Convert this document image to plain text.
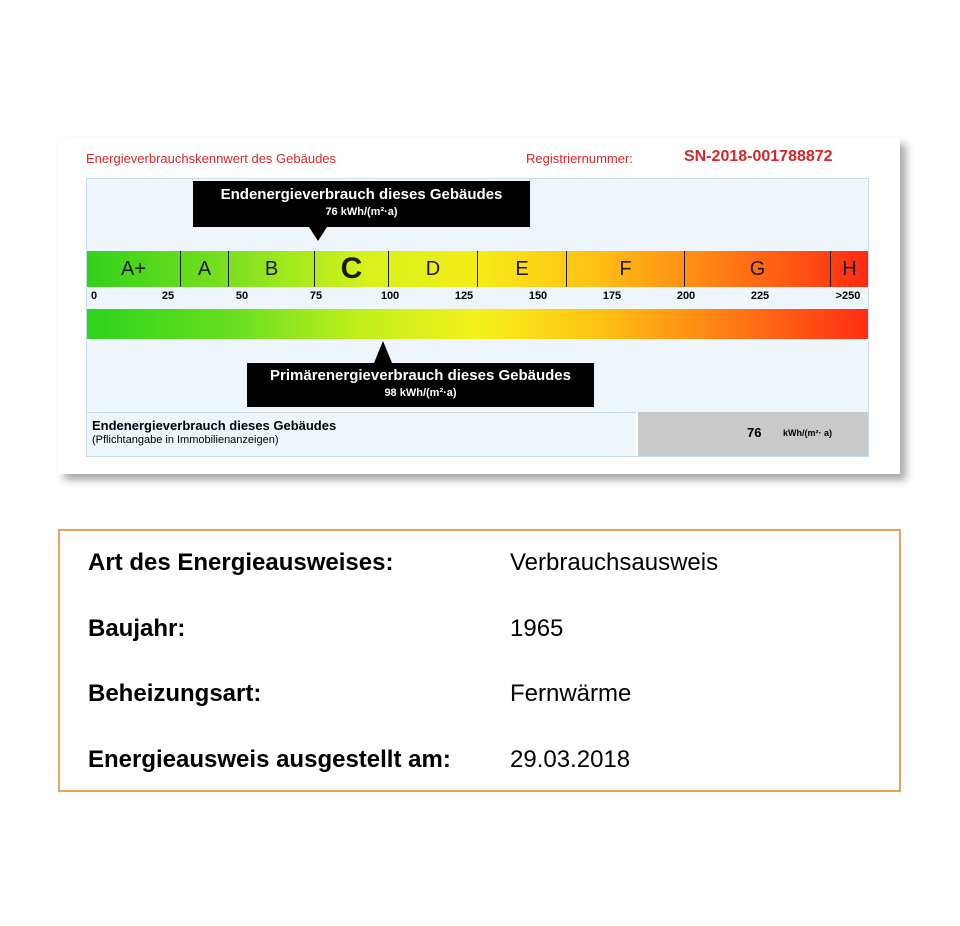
Energieverbrauchskennwert des Gebäudes	Registriernummer:	SN-2018-001788872
Endenergieverbrauch dieses Gebäudes
76 kWh/(m²·a)
A+	A	B	C	D	E	F	G	H
0	25	50	75	100	125	150	175	200	225	>250
Primärenergieverbrauch dieses Gebäudes
98 kWh/(m²·a)
Endenergieverbrauch dieses Gebäudes
(Pflichtangabe in Immobilienanzeigen)	76 kWh/(m²· a)
Art des Energieausweises:	Verbrauchsausweis
Baujahr:	1965
Beheizungsart:	Fernwärme
Energieausweis ausgestellt am: 29.03.2018
